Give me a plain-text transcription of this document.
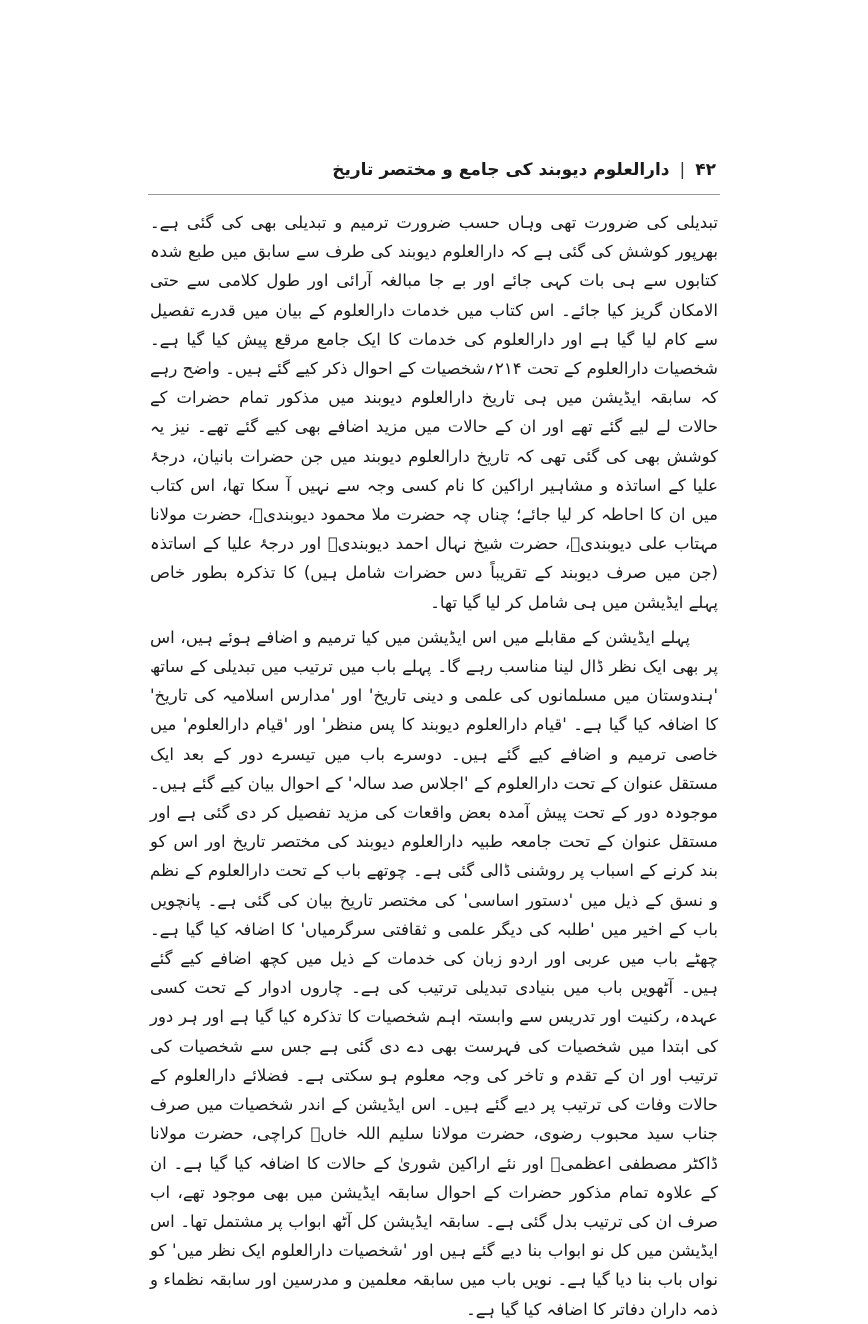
۴۲
|
دارالعلوم دیوبند کی جامع و مختصر تاریخ

تبدیلی کی ضرورت تھی وہاں حسب ضرورت ترمیم و تبدیلی بھی کی گئی ہے۔ بھرپور کوشش کی گئی ہے کہ دارالعلوم دیوبند کی طرف سے سابق میں طبع شدہ کتابوں سے ہی بات کہی جائے اور بے جا مبالغہ آرائی اور طول کلامی سے حتی الامکان گریز کیا جائے۔ اس کتاب میں خدمات دارالعلوم کے بیان میں قدرے تفصیل سے کام لیا گیا ہے اور دارالعلوم کی خدمات کا ایک جامع مرقع پیش کیا گیا ہے۔ شخصیات دارالعلوم کے تحت ۲۱۴؍شخصیات کے احوال ذکر کیے گئے ہیں۔ واضح رہے کہ سابقہ ایڈیشن میں ہی تاریخ دارالعلوم دیوبند میں مذکور تمام حضرات کے حالات لے لیے گئے تھے اور ان کے حالات میں مزید اضافے بھی کیے گئے تھے۔ نیز یہ کوشش بھی کی گئی تھی کہ تاریخ دارالعلوم دیوبند میں جن حضرات بانیان، درجۂ علیا کے اساتذہ و مشاہیر اراکین کا نام کسی وجہ سے نہیں آ سکا تھا، اس کتاب میں ان کا احاطہ کر لیا جائے؛ چناں چہ حضرت ملا محمود دیوبندیؒ، حضرت مولانا مہتاب علی دیوبندیؒ، حضرت شیخ نہال احمد دیوبندیؒ اور درجۂ علیا کے اساتذہ (جن میں صرف دیوبند کے تقریباً دس حضرات شامل ہیں) کا تذکرہ بطور خاص پہلے ایڈیشن میں ہی شامل کر لیا گیا تھا۔

پہلے ایڈیشن کے مقابلے میں اس ایڈیشن میں کیا ترمیم و اضافے ہوئے ہیں، اس پر بھی ایک نظر ڈال لینا مناسب رہے گا۔ پہلے باب میں ترتیب میں تبدیلی کے ساتھ 'ہندوستان میں مسلمانوں کی علمی و دینی تاریخ' اور 'مدارس اسلامیہ کی تاریخ' کا اضافہ کیا گیا ہے۔ 'قیام دارالعلوم دیوبند کا پس منظر' اور 'قیام دارالعلوم' میں خاصی ترمیم و اضافے کیے گئے ہیں۔ دوسرے باب میں تیسرے دور کے بعد ایک مستقل عنوان کے تحت دارالعلوم کے 'اجلاس صد سالہ' کے احوال بیان کیے گئے ہیں۔ موجودہ دور کے تحت پیش آمدہ بعض واقعات کی مزید تفصیل کر دی گئی ہے اور مستقل عنوان کے تحت جامعہ طبیہ دارالعلوم دیوبند کی مختصر تاریخ اور اس کو بند کرنے کے اسباب پر روشنی ڈالی گئی ہے۔ چوتھے باب کے تحت دارالعلوم کے نظم و نسق کے ذیل میں 'دستور اساسی' کی مختصر تاریخ بیان کی گئی ہے۔ پانچویں باب کے اخیر میں 'طلبہ کی دیگر علمی و ثقافتی سرگرمیاں' کا اضافہ کیا گیا ہے۔ چھٹے باب میں عربی اور اردو زبان کی خدمات کے ذیل میں کچھ اضافے کیے گئے ہیں۔ آٹھویں باب میں بنیادی تبدیلی ترتیب کی ہے۔ چاروں ادوار کے تحت کسی عہدہ، رکنیت اور تدریس سے وابستہ اہم شخصیات کا تذکرہ کیا گیا ہے اور ہر دور کی ابتدا میں شخصیات کی فہرست بھی دے دی گئی ہے جس سے شخصیات کی ترتیب اور ان کے تقدم و تاخر کی وجہ معلوم ہو سکتی ہے۔ فضلائے دارالعلوم کے حالات وفات کی ترتیب پر دیے گئے ہیں۔ اس ایڈیشن کے اندر شخصیات میں صرف جناب سید محبوب رضوی، حضرت مولانا سلیم اللہ خاںؒ کراچی، حضرت مولانا ڈاکٹر مصطفی اعظمیؒ اور نئے اراکین شوریٰ کے حالات کا اضافہ کیا گیا ہے۔ ان کے علاوہ تمام مذکور حضرات کے احوال سابقہ ایڈیشن میں بھی موجود تھے، اب صرف ان کی ترتیب بدل گئی ہے۔ سابقہ ایڈیشن کل آٹھ ابواب پر مشتمل تھا۔ اس ایڈیشن میں کل نو ابواب بنا دیے گئے ہیں اور 'شخصیات دارالعلوم ایک نظر میں' کو نواں باب بنا دیا گیا ہے۔ نویں باب میں سابقہ معلمین و مدرسین اور سابقہ نظماء و ذمہ داران دفاتر کا اضافہ کیا گیا ہے۔
